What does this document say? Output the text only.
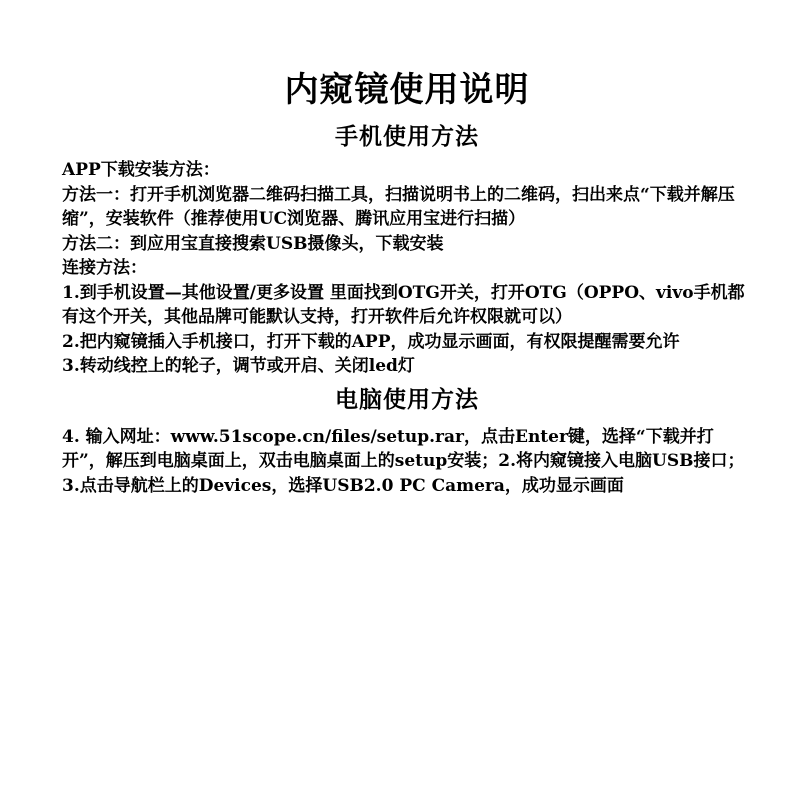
内窥镜使用说明
手机使用方法

APP下载安装方法：

方法一：打开手机浏览器二维码扫描工具，扫描说明书上的二维码，扫出来点“下载并解压缩”，安装软件（推荐使用UC浏览器、腾讯应用宝进行扫描）

方法二：到应用宝直接搜索USB摄像头，下载安装

连接方法：

1.到手机设置—其他设置/更多设置 里面找到OTG开关，打开OTG（OPPO、vivo手机都有这个开关，其他品牌可能默认支持，打开软件后允许权限就可以）

2.把内窥镜插入手机接口，打开下载的APP，成功显示画面，有权限提醒需要允许

3.转动线控上的轮子，调节或开启、关闭led灯

电脑使用方法

4. 输入网址：www.51scope.cn/files/setup.rar，点击Enter键，选择“下载并打开”，解压到电脑桌面上，双击电脑桌面上的setup安装；2.将内窥镜接入电脑USB接口；3.点击导航栏上的Devices，选择USB2.0 PC Camera，成功显示画面
